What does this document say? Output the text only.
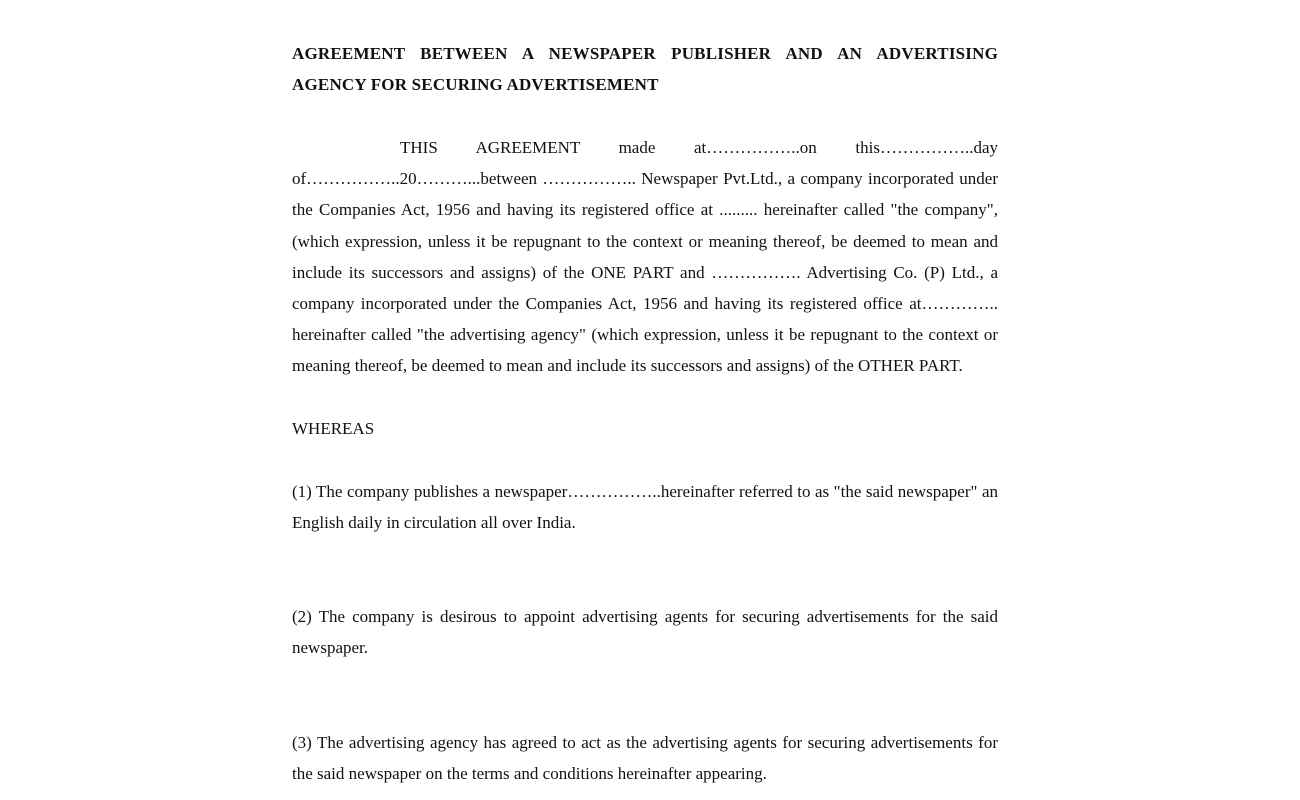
AGREEMENT BETWEEN A NEWSPAPER PUBLISHER AND AN ADVERTISING AGENCY FOR SECURING ADVERTISEMENT

THIS AGREEMENT made at……………..on this……………..day of……………..20………...between …………….. Newspaper Pvt.Ltd., a company incorporated under the Companies Act, 1956 and having its registered office at ......... hereinafter called "the company", (which expression, unless it be repugnant to the context or meaning thereof, be deemed to mean and include its successors and assigns) of the ONE PART and ……………. Advertising Co. (P) Ltd., a company incorporated under the Companies Act, 1956 and having its registered office at………….. hereinafter called "the advertising agency" (which expression, unless it be repugnant to the context or meaning thereof, be deemed to mean and include its successors and assigns) of the OTHER PART.

WHEREAS

(1) The company publishes a newspaper……………..hereinafter referred to as "the said newspaper" an English daily in circulation all over India.

(2) The company is desirous to appoint advertising agents for securing advertisements for the said newspaper.

(3) The advertising agency has agreed to act as the advertising agents for securing advertisements for the said newspaper on the terms and conditions hereinafter appearing.
